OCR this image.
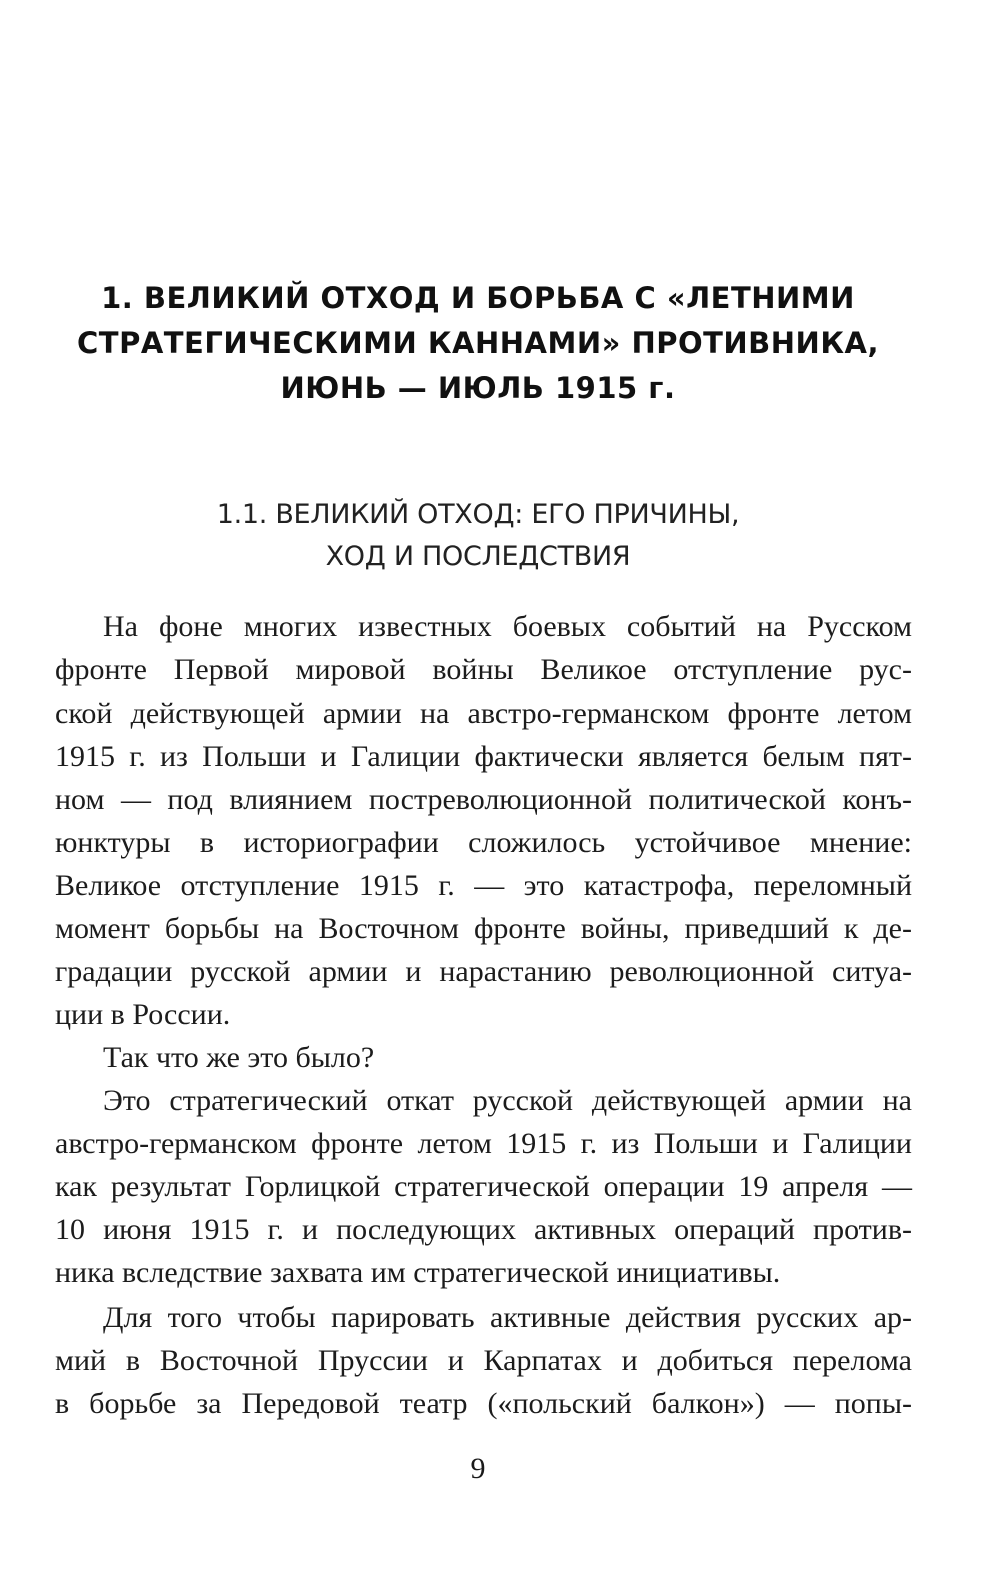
1. ВЕЛИКИЙ ОТХОД И БОРЬБА С «ЛЕТНИМИ
СТРАТЕГИЧЕСКИМИ КАННАМИ» ПРОТИВНИКА,
ИЮНЬ — ИЮЛЬ 1915 г.
1.1. ВЕЛИКИЙ ОТХОД: ЕГО ПРИЧИНЫ,
ХОД И ПОСЛЕДСТВИЯ
На фоне многих известных боевых событий на Русском
фронте Первой мировой войны Великое отступление рус-
ской действующей армии на австро-германском фронте летом
1915 г. из Польши и Галиции фактически является белым пят-
ном — под влиянием постреволюционной политической конъ-
юнктуры в историографии сложилось устойчивое мнение:
Великое отступление 1915 г. — это катастрофа, переломный
момент борьбы на Восточном фронте войны, приведший к де-
градации русской армии и нарастанию революционной ситуа-
ции в России.
Так что же это было?
Это стратегический откат русской действующей армии на
австро-германском фронте летом 1915 г. из Польши и Галиции
как результат Горлицкой стратегической операции 19 апреля —
10 июня 1915 г. и последующих активных операций против-
ника вследствие захвата им стратегической инициативы.
Для того чтобы парировать активные действия русских ар-
мий в Восточной Пруссии и Карпатах и добиться перелома
в борьбе за Передовой театр («польский балкон») — попы-
9
